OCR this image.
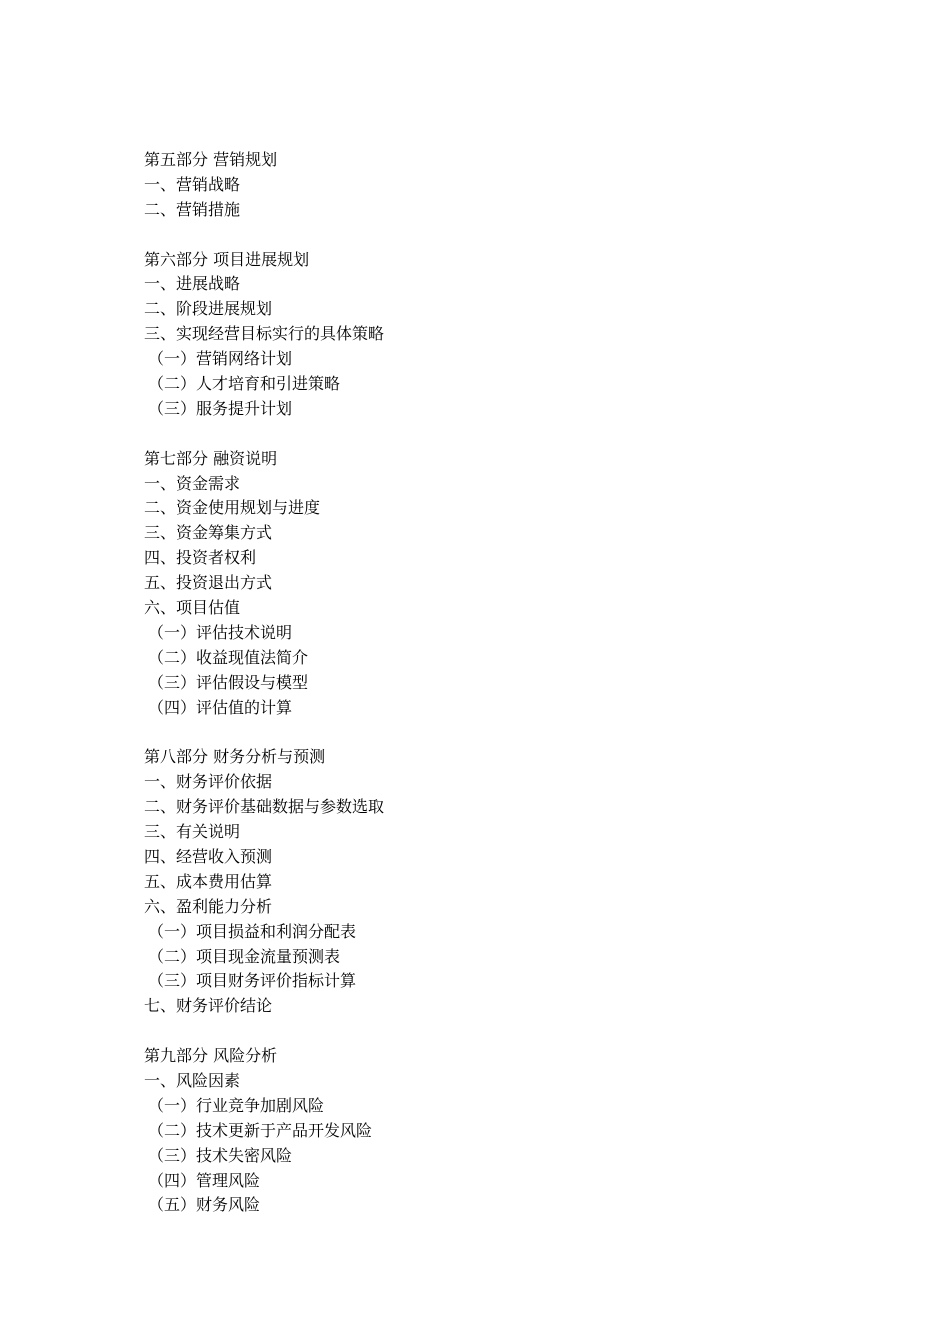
第五部分 营销规划
一、营销战略
二、营销措施
第六部分 项目进展规划
一、进展战略
二、阶段进展规划
三、实现经营目标实行的具体策略
（一）营销网络计划
（二）人才培育和引进策略
（三）服务提升计划
第七部分 融资说明
一、资金需求
二、资金使用规划与进度
三、资金筹集方式
四、投资者权利
五、投资退出方式
六、项目估值
（一）评估技术说明
（二）收益现值法简介
（三）评估假设与模型
（四）评估值的计算
第八部分 财务分析与预测
一、财务评价依据
二、财务评价基础数据与参数选取
三、有关说明
四、经营收入预测
五、成本费用估算
六、盈利能力分析
（一）项目损益和利润分配表
（二）项目现金流量预测表
（三）项目财务评价指标计算
七、财务评价结论
第九部分 风险分析
一、风险因素
（一）行业竞争加剧风险
（二）技术更新于产品开发风险
（三）技术失密风险
（四）管理风险
（五）财务风险
